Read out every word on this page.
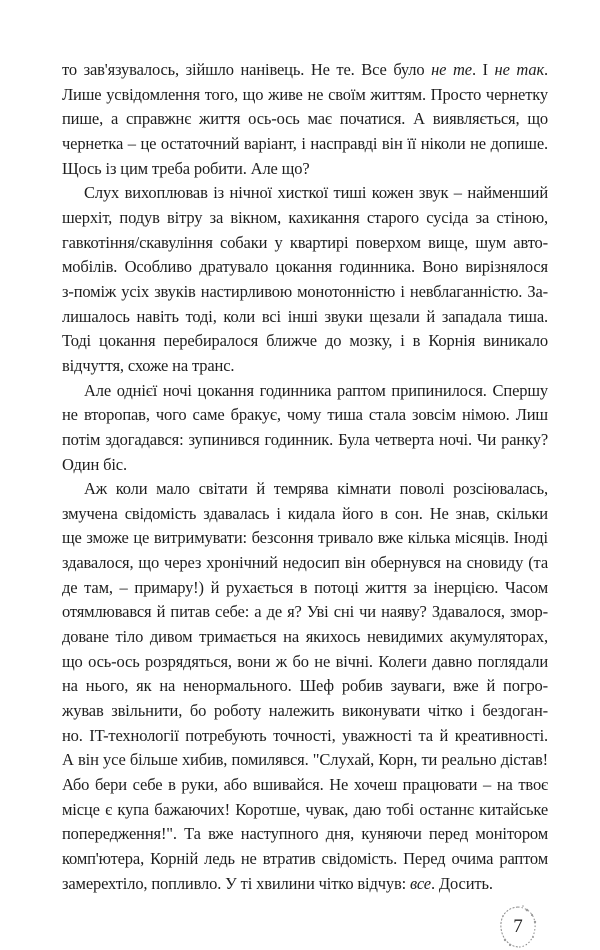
то зав'язувалось, зійшло нанівець. Не те. Все було не те. І не так.
Лише усвідомлення того, що живе не своїм життям. Просто чернетку
пише, а справжнє життя ось-ось має початися. А виявляється, що
чернетка – це остаточний варіант, і насправді він її ніколи не допише.
Щось із цим треба робити. Але що?
Слух вихоплював із нічної хисткої тиші кожен звук – найменший
шерхіт, подув вітру за вікном, кахикання старого сусіда за стіною,
гавкотіння/скавуління собаки у квартирі поверхом вище, шум авто-
мобілів. Особливо дратувало цокання годинника. Воно вирізнялося
з-поміж усіх звуків настирливою монотонністю і невблаганністю. За-
лишалось навіть тоді, коли всі інші звуки щезали й западала тиша.
Тоді цокання перебиралося ближче до мозку, і в Корнія виникало
відчуття, схоже на транс.
Але однієї ночі цокання годинника раптом припинилося. Спершу
не второпав, чого саме бракує, чому тиша стала зовсім німою. Лиш
потім здогадався: зупинився годинник. Була четверта ночі. Чи ранку?
Один біс.
Аж коли мало світати й темрява кімнати поволі розсіювалась,
змучена свідомість здавалась і кидала його в сон. Не знав, скільки
ще зможе це витримувати: безсоння тривало вже кілька місяців. Іноді
здавалося, що через хронічний недосип він обернувся на сновиду (та
де там, – примару!) й рухається в потоці життя за інерцією. Часом
отямлювався й питав себе: а де я? Уві сні чи наяву? Здавалося, змор-
доване тіло дивом тримається на якихось невидимих акумуляторах,
що ось-ось розрядяться, вони ж бо не вічні. Колеги давно поглядали
на нього, як на ненормального. Шеф робив зауваги, вже й погро-
жував звільнити, бо роботу належить виконувати чітко і бездоган-
но. IT-технології потребують точності, уважності та й креативності.
А він усе більше хибив, помилявся. "Слухай, Корн, ти реально дістав!
Або бери себе в руки, або вшивайся. Не хочеш працювати – на твоє
місце є купа бажаючих! Коротше, чувак, даю тобі останнє китайське
попередження!". Та вже наступного дня, куняючи перед монітором
комп'ютера, Корній ледь не втратив свідомість. Перед очима раптом
замерехтіло, попливло. У ті хвилини чітко відчув: все. Досить.
7
